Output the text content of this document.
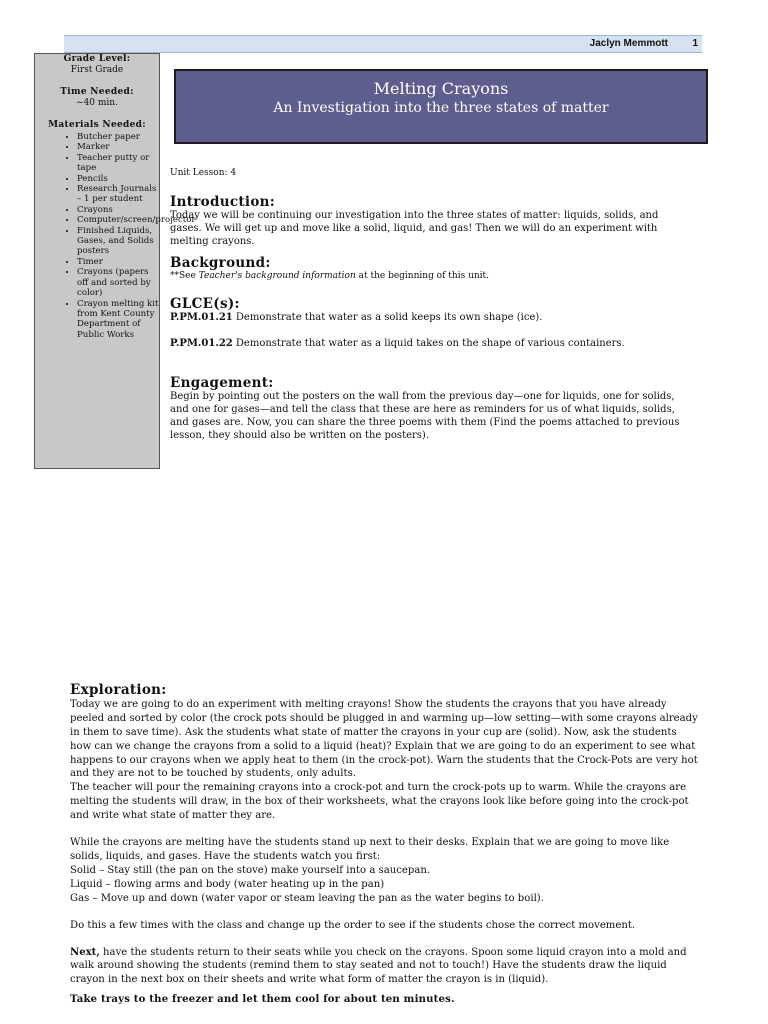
Jaclyn Memmott 1
Grade Level:
First Grade
Time Needed:
~40 min.
Materials Needed:
• Butcher paper
• Marker
• Teacher putty or tape
• Pencils
• Research Journals – 1 per student
• Crayons
• Computer/screen/projector
• Finished Liquids, Gases, and Solids posters
• Timer
• Crayons (papers off and sorted by color)
• Crayon melting kit from Kent County Department of Public Works
Melting Crayons
An Investigation into the three states of matter
Unit Lesson: 4
Introduction:

Today we will be continuing our investigation into the three states of matter: liquids, solids, and gases. We will get up and move like a solid, liquid, and gas! Then we will do an experiment with melting crayons.

Background:

**See Teacher's background information at the beginning of this unit.

GLCE(s):

P.PM.01.21 Demonstrate that water as a solid keeps its own shape (ice).

P.PM.01.22 Demonstrate that water as a liquid takes on the shape of various containers.

Engagement:

Begin by pointing out the posters on the wall from the previous day—one for liquids, one for solids, and one for gases—and tell the class that these are here as reminders for us of what liquids, solids, and gases are. Now, you can share the three poems with them (Find the poems attached to previous lesson, they should also be written on the posters).

Exploration:

Today we are going to do an experiment with melting crayons! Show the students the crayons that you have already peeled and sorted by color (the crock pots should be plugged in and warming up—low setting—with some crayons already in them to save time). Ask the students what state of matter the crayons in your cup are (solid). Now, ask the students how can we change the crayons from a solid to a liquid (heat)? Explain that we are going to do an experiment to see what happens to our crayons when we apply heat to them (in the crock-pot). Warn the students that the Crock-Pots are very hot and they are not to be touched by students, only adults.

The teacher will pour the remaining crayons into a crock-pot and turn the crock-pots up to warm. While the crayons are melting the students will draw, in the box of their worksheets, what the crayons look like before going into the crock-pot and write what state of matter they are.

While the crayons are melting have the students stand up next to their desks. Explain that we are going to move like solids, liquids, and gases. Have the students watch you first:

Solid – Stay still (the pan on the stove) make yourself into a saucepan.

Liquid – flowing arms and body (water heating up in the pan)

Gas – Move up and down (water vapor or steam leaving the pan as the water begins to boil).

Do this a few times with the class and change up the order to see if the students chose the correct movement.

Next, have the students return to their seats while you check on the crayons. Spoon some liquid crayon into a mold and walk around showing the students (remind them to stay seated and not to touch!) Have the students draw the liquid crayon in the next box on their sheets and write what form of matter the crayon is in (liquid).

Take trays to the freezer and let them cool for about ten minutes.
